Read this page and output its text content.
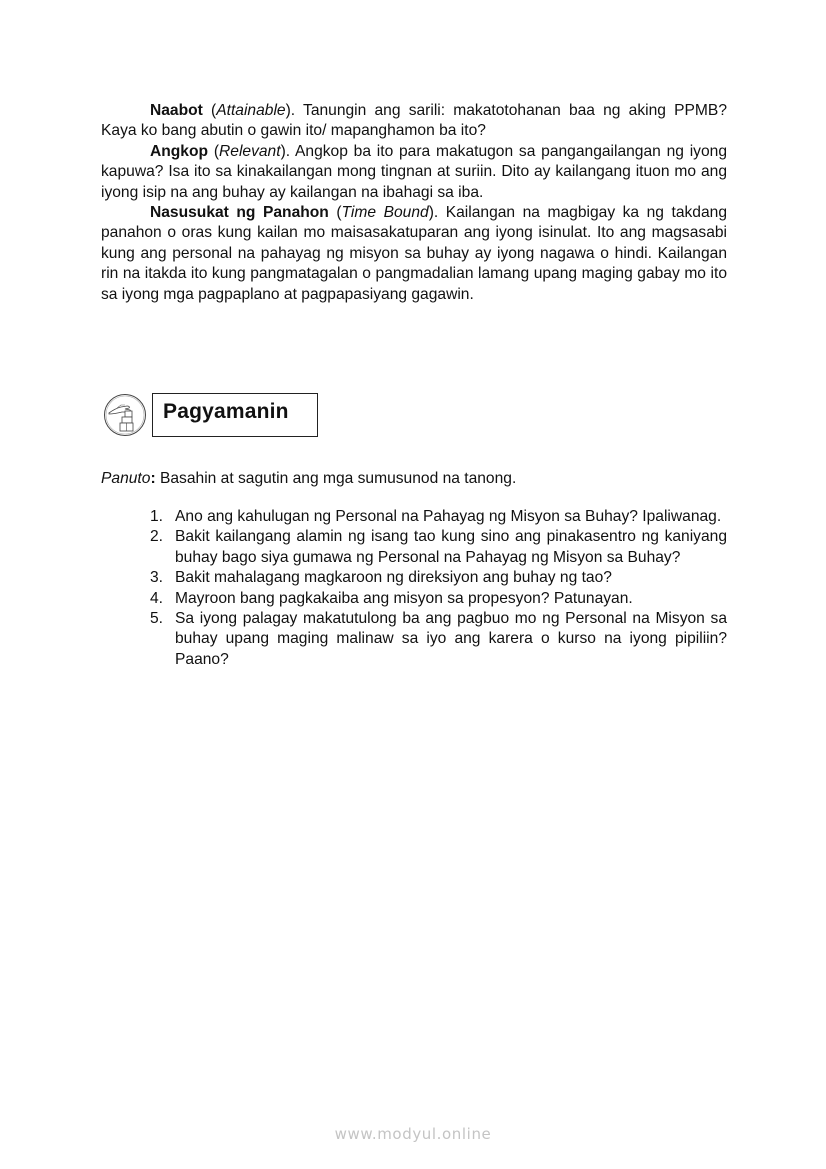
Naabot (Attainable). Tanungin ang sarili: makatotohanan baa ng aking PPMB? Kaya ko bang abutin o gawin ito/ mapanghamon ba ito?

Angkop (Relevant). Angkop ba ito para makatugon sa pangangailangan ng iyong kapuwa? Isa ito sa kinakailangan mong tingnan at suriin. Dito ay kailangang ituon mo ang iyong isip na ang buhay ay kailangan na ibahagi sa iba.

Nasusukat ng Panahon (Time Bound). Kailangan na magbigay ka ng takdang panahon o oras kung kailan mo maisasakatuparan ang iyong isinulat. Ito ang magsasabi kung ang personal na pahayag ng misyon sa buhay ay iyong nagawa o hindi. Kailangan rin na itakda ito kung pangmatagalan o pangmadalian lamang upang maging gabay mo ito sa iyong mga pagpaplano at pagpapasiyang gagawin.

Pagyamanin

Panuto: Basahin at sagutin ang mga sumusunod na tanong.

1. Ano ang kahulugan ng Personal na Pahayag ng Misyon sa Buhay? Ipaliwanag.
2. Bakit kailangang alamin ng isang tao kung sino ang pinakasentro ng kaniyang buhay bago siya gumawa ng Personal na Pahayag ng Misyon sa Buhay?
3. Bakit mahalagang magkaroon ng direksiyon ang buhay ng tao?
4. Mayroon bang pagkakaiba ang misyon sa propesyon? Patunayan.
5. Sa iyong palagay makatutulong ba ang pagbuo mo ng Personal na Misyon sa buhay upang maging malinaw sa iyo ang karera o kurso na iyong pipiliin? Paano?
www.modyul.online
